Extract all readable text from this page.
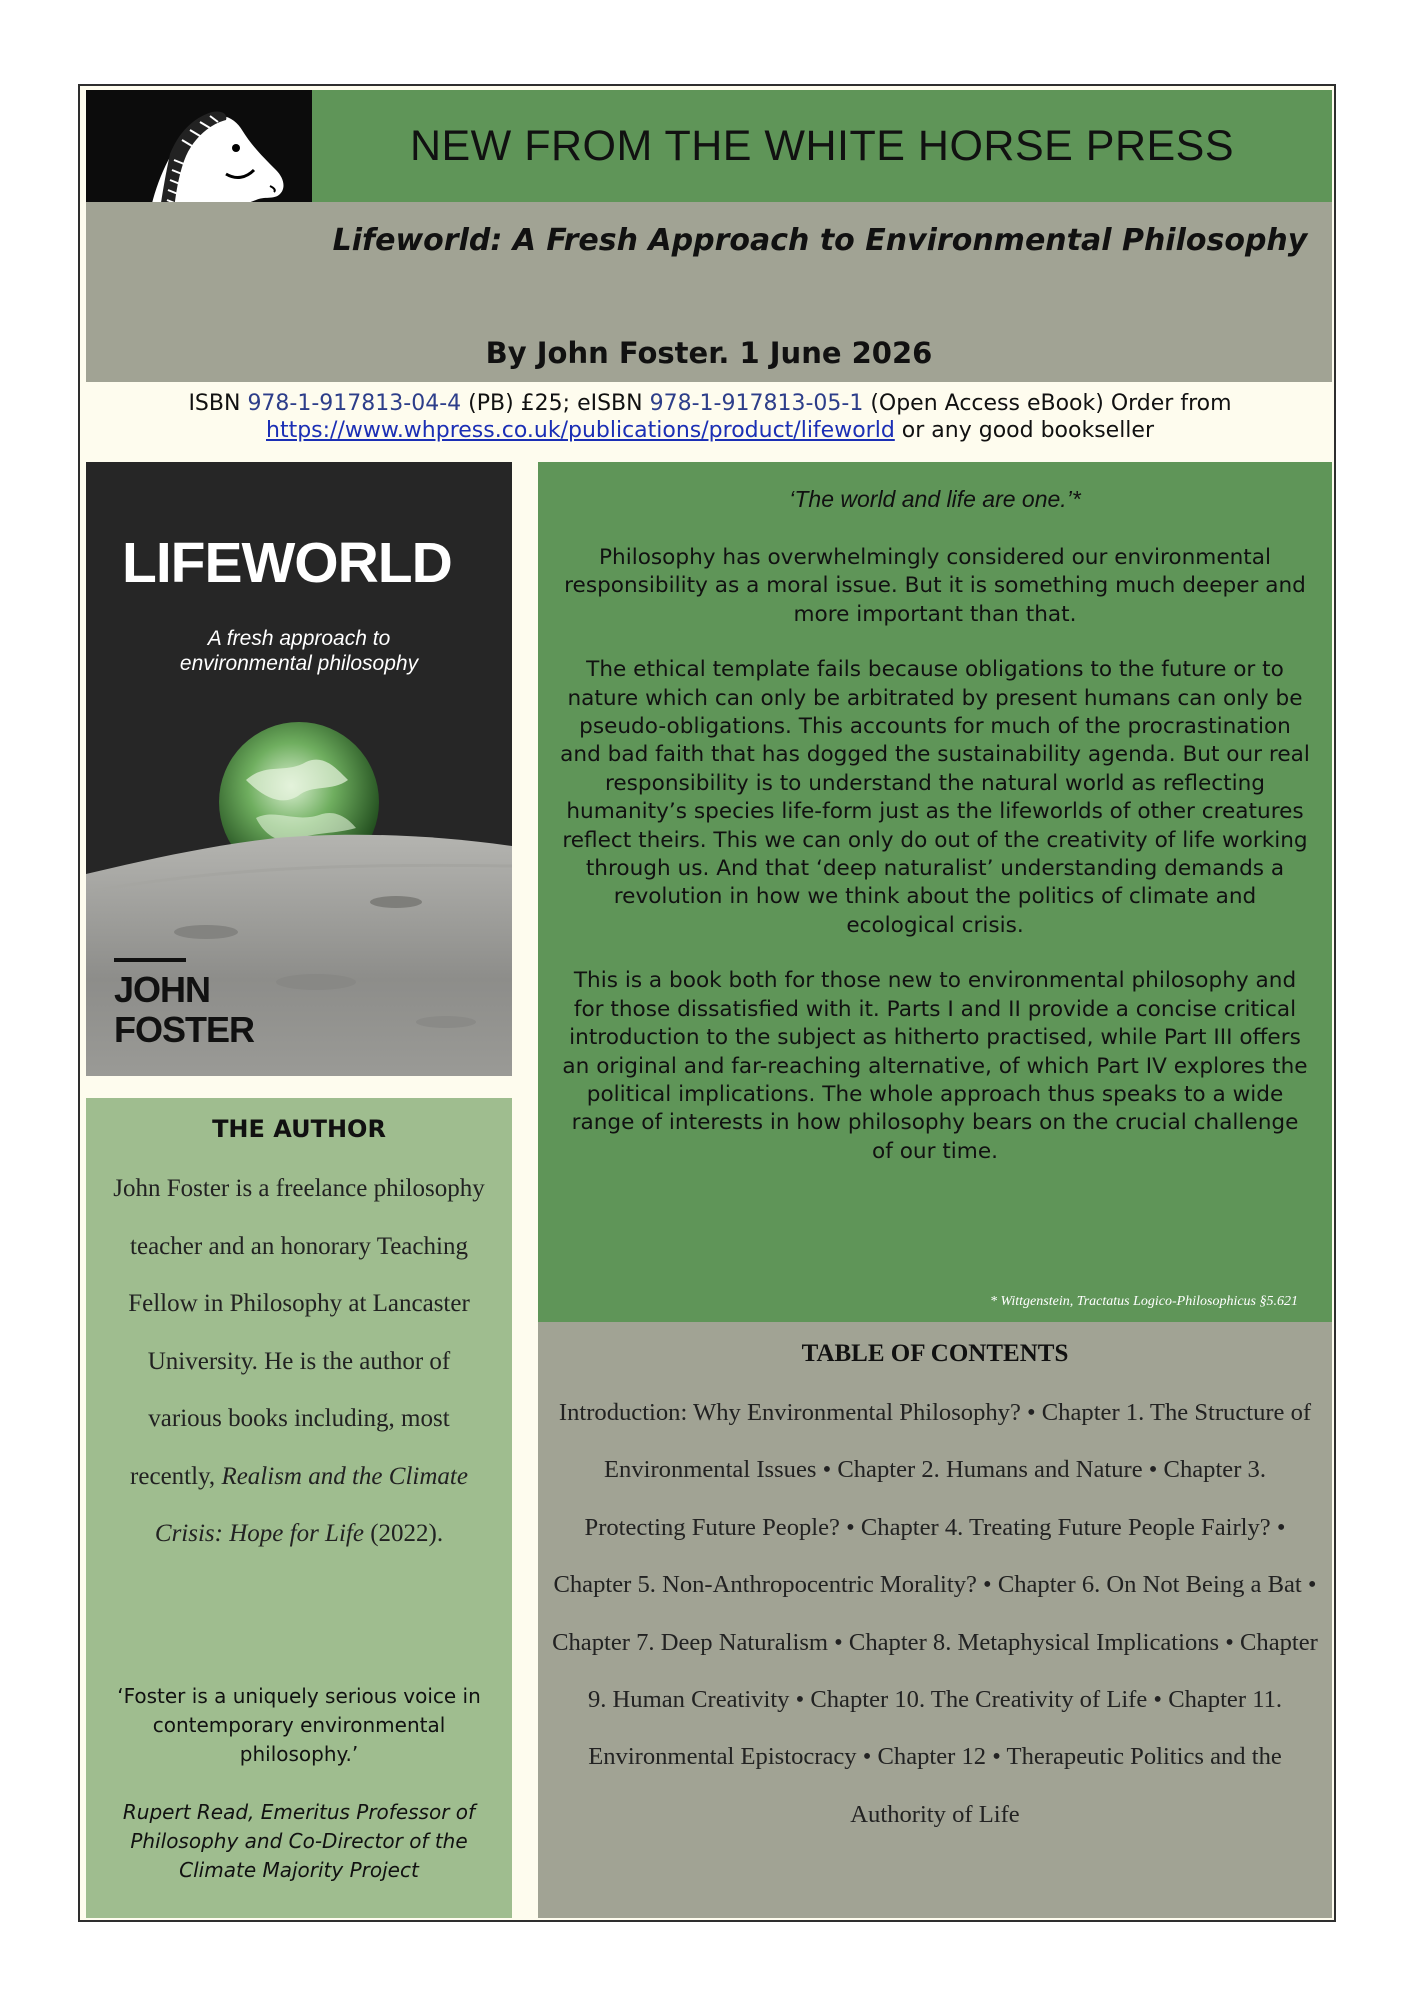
NEW FROM THE WHITE HORSE PRESS
Lifeworld: A Fresh Approach to Environmental Philosophy
By John Foster. 1 June 2026
ISBN 978-1-917813-04-4 (PB) £25; eISBN 978-1-917813-05-1 (Open Access eBook) Order from https://www.whpress.co.uk/publications/product/lifeworld or any good bookseller
LIFEWORLD
A fresh approach to
environmental philosophy
JOHN
FOSTER
THE AUTHOR
John Foster is a freelance philosophy teacher and an honorary Teaching Fellow in Philosophy at Lancaster University. He is the author of various books including, most recently, Realism and the Climate Crisis: Hope for Life (2022).
‘Foster is a uniquely serious voice in contemporary environmental philosophy.’
Rupert Read, Emeritus Professor of Philosophy and Co-Director of the Climate Majority Project
‘The world and life are one.’*

Philosophy has overwhelmingly considered our environmental responsibility as a moral issue. But it is something much deeper and more important than that.

The ethical template fails because obligations to the future or to nature which can only be arbitrated by present humans can only be pseudo-obligations. This accounts for much of the procrastination and bad faith that has dogged the sustainability agenda. But our real responsibility is to understand the natural world as reflecting humanity’s species life-form just as the lifeworlds of other creatures reflect theirs. This we can only do out of the creativity of life working through us. And that ‘deep naturalist’ understanding demands a revolution in how we think about the politics of climate and ecological crisis.

This is a book both for those new to environmental philosophy and for those dissatisfied with it. Parts I and II provide a concise critical introduction to the subject as hitherto practised, while Part III offers an original and far-reaching alternative, of which Part IV explores the political implications. The whole approach thus speaks to a wide range of interests in how philosophy bears on the crucial challenge of our time.

* Wittgenstein, Tractatus Logico-Philosophicus §5.621
TABLE OF CONTENTS
Introduction: Why Environmental Philosophy? • Chapter 1. The Structure of Environmental Issues • Chapter 2. Humans and Nature • Chapter 3. Protecting Future People? • Chapter 4. Treating Future People Fairly? • Chapter 5. Non-Anthropocentric Morality? • Chapter 6. On Not Being a Bat • Chapter 7. Deep Naturalism • Chapter 8. Metaphysical Implications • Chapter 9. Human Creativity • Chapter 10. The Creativity of Life • Chapter 11. Environmental Epistocracy • Chapter 12 • Therapeutic Politics and the Authority of Life
